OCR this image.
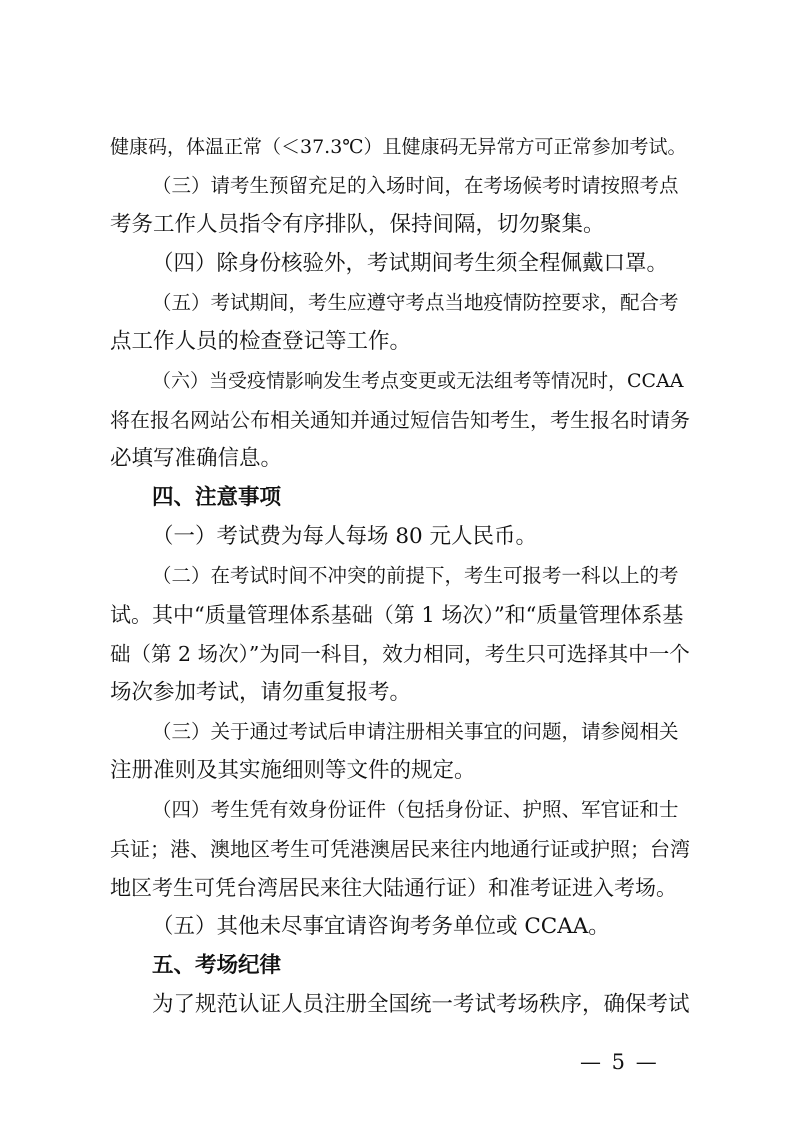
健康码，体温正常（＜37.3℃）且健康码无异常方可正常参加考试。
（三）请考生预留充足的入场时间，在考场候考时请按照考点
考务工作人员指令有序排队，保持间隔，切勿聚集。
（四）除身份核验外，考试期间考生须全程佩戴口罩。
（五）考试期间，考生应遵守考点当地疫情防控要求，配合考
点工作人员的检查登记等工作。
（六）当受疫情影响发生考点变更或无法组考等情况时，CCAA
将在报名网站公布相关通知并通过短信告知考生，考生报名时请务
必填写准确信息。
四、注意事项
（一）考试费为每人每场 80 元人民币。
（二）在考试时间不冲突的前提下，考生可报考一科以上的考
试。其中“质量管理体系基础（第 1 场次）”和“质量管理体系基
础（第 2 场次）”为同一科目，效力相同，考生只可选择其中一个
场次参加考试，请勿重复报考。
（三）关于通过考试后申请注册相关事宜的问题，请参阅相关
注册准则及其实施细则等文件的规定。
（四）考生凭有效身份证件（包括身份证、护照、军官证和士
兵证；港、澳地区考生可凭港澳居民来往内地通行证或护照；台湾
地区考生可凭台湾居民来往大陆通行证）和准考证进入考场。
（五）其他未尽事宜请咨询考务单位或 CCAA。
五、考场纪律
为了规范认证人员注册全国统一考试考场秩序，确保考试
— 5 —
